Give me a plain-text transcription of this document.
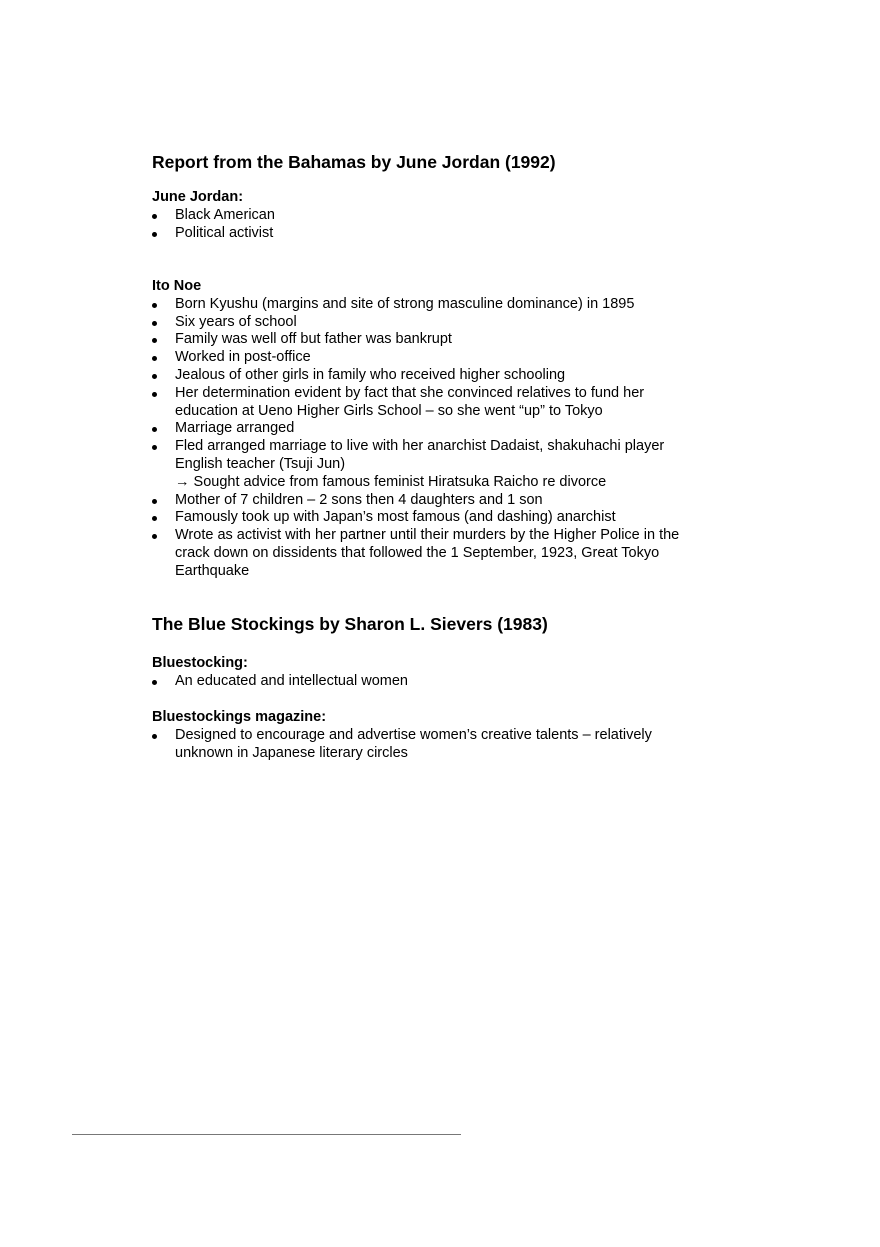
Report from the Bahamas by June Jordan (1992)
June Jordan:
Black American
Political activist
Ito Noe
Born Kyushu (margins and site of strong masculine dominance) in 1895
Six years of school
Family was well off but father was bankrupt
Worked in post-office
Jealous of other girls in family who received higher schooling
Her determination evident by fact that she convinced relatives to fund her education at Ueno Higher Girls School – so she went “up” to Tokyo
Marriage arranged
Fled arranged marriage to live with her anarchist Dadaist, shakuhachi player English teacher (Tsuji Jun)
→ Sought advice from famous feminist Hiratsuka Raicho re divorce
Mother of 7 children – 2 sons then 4 daughters and 1 son
Famously took up with Japan’s most famous (and dashing) anarchist
Wrote as activist with her partner until their murders by the Higher Police in the crack down on dissidents that followed the 1 September, 1923, Great Tokyo Earthquake
The Blue Stockings by Sharon L. Sievers (1983)
Bluestocking:
An educated and intellectual women
Bluestockings magazine:
Designed to encourage and advertise women’s creative talents – relatively unknown in Japanese literary circles
